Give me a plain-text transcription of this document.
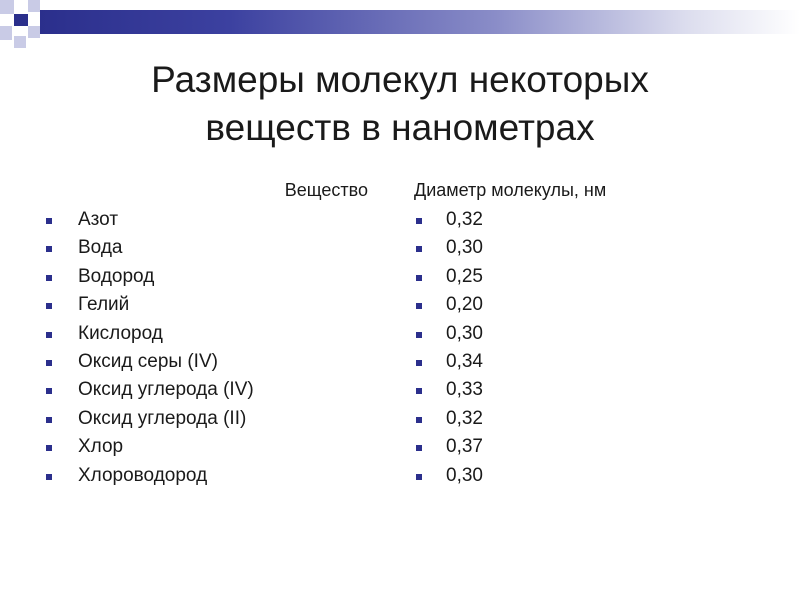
Размеры молекул некоторых
веществ в нанометрах
Вещество
Азот
Вода
Водород
Гелий
Кислород
Оксид серы (IV)
Оксид углерода (IV)
Оксид углерода (II)
Хлор
Хлороводород
Диаметр молекулы, нм
0,32
0,30
0,25
0,20
0,30
0,34
0,33
0,32
0,37
0,30
